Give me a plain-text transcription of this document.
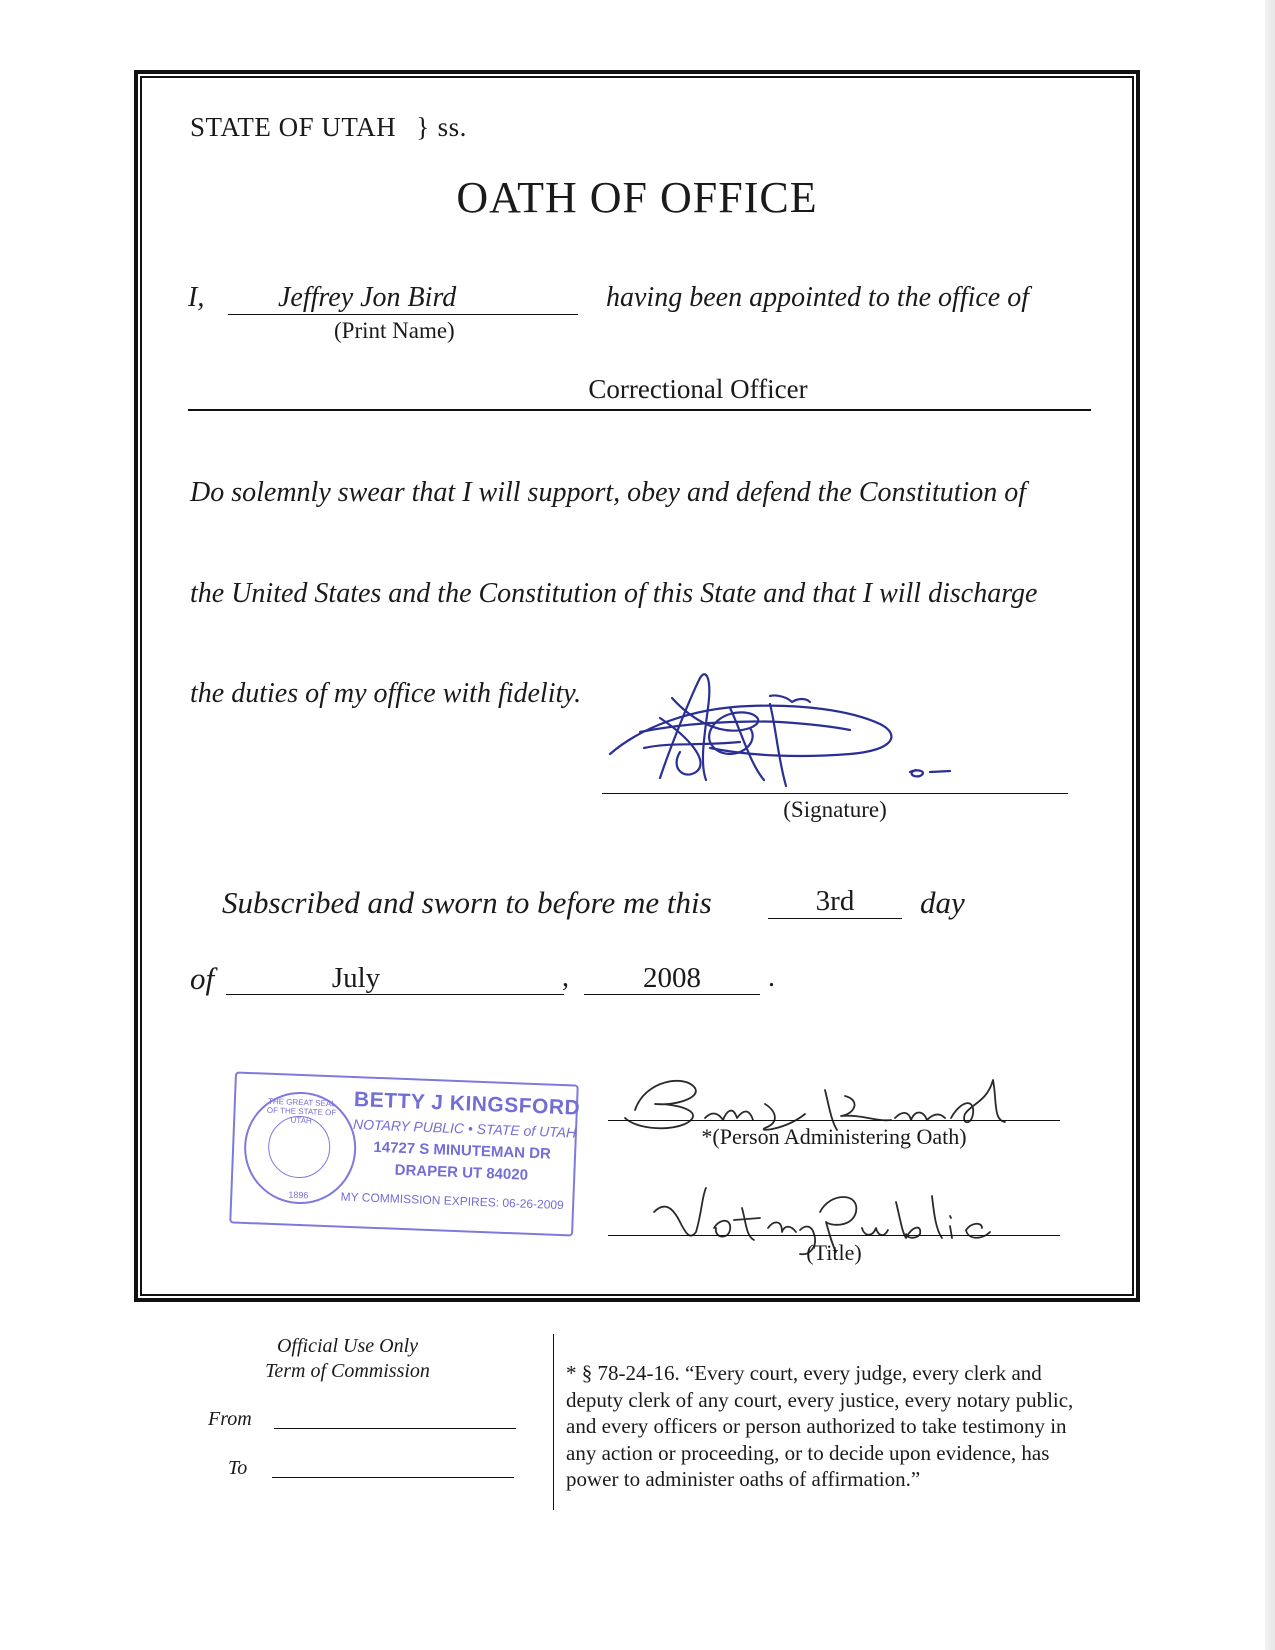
STATE OF UTAH } ss.
OATH OF OFFICE
I,	Jeffrey Jon Bird
(Print Name)
having been appointed to the office of
Correctional Officer
Do solemnly swear that I will support, obey and defend the Constitution of
the United States and the Constitution of this State and that I will discharge
the duties of my office with fidelity.
(Signature)
Subscribed and sworn to before me this	3rd	day
of	July	,	2008	.
THE GREAT SEAL OF THE STATE OF UTAH
1896
BETTY J KINGSFORD
NOTARY PUBLIC • STATE of UTAH
14727 S MINUTEMAN DR
DRAPER UT 84020
MY COMMISSION EXPIRES: 06-26-2009
*(Person Administering Oath)
(Title)
Official Use Only
Term of Commission
From
To
* § 78-24-16. “Every court, every judge, every clerk and
deputy clerk of any court, every justice, every notary public,
and every officers or person authorized to take testimony in
any action or proceeding, or to decide upon evidence, has
power to administer oaths of affirmation.”
